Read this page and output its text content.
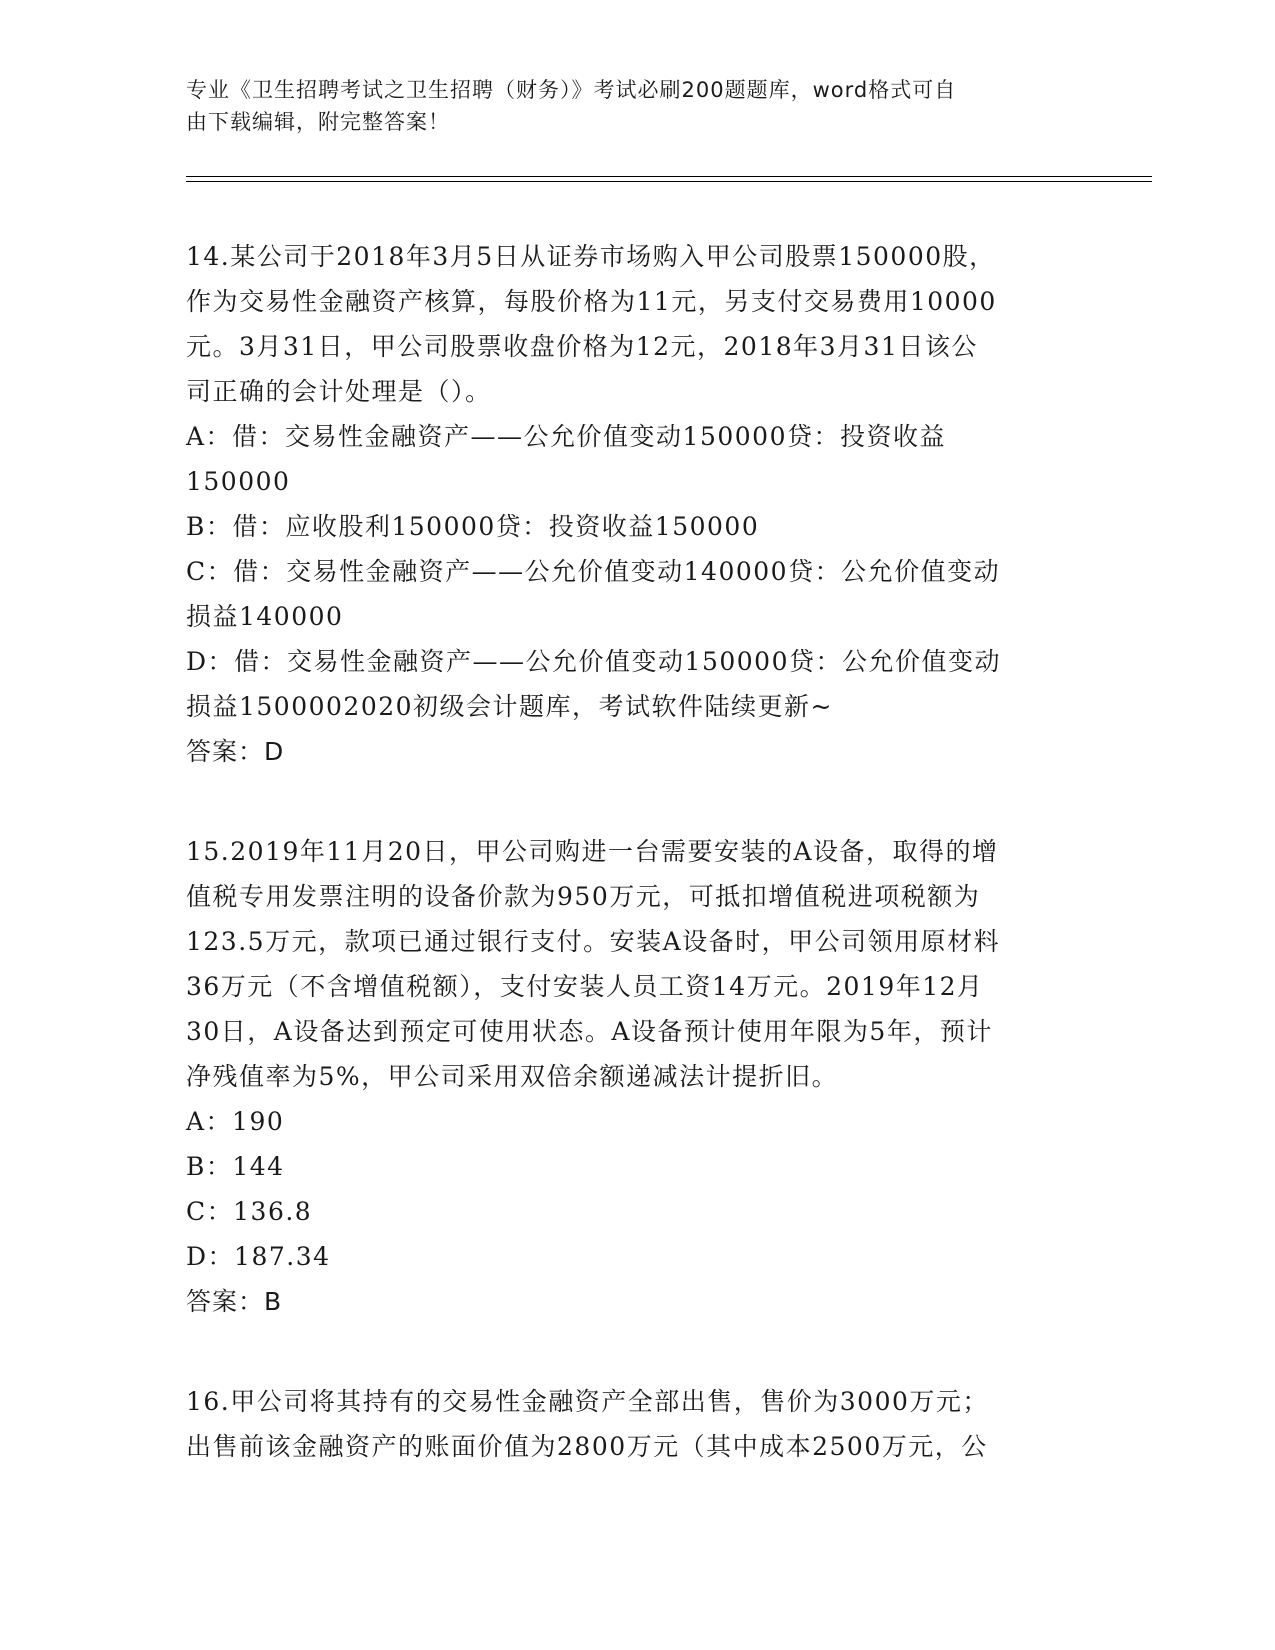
专业《卫生招聘考试之卫生招聘（财务）》考试必刷200题题库，word格式可自
由下载编辑，附完整答案！
14.某公司于2018年3月5日从证券市场购入甲公司股票150000股，
作为交易性金融资产核算，每股价格为11元，另支付交易费用10000
元。3月31日，甲公司股票收盘价格为12元，2018年3月31日该公
司正确的会计处理是（）。
A：借：交易性金融资产——公允价值变动150000贷：投资收益
150000
B：借：应收股利150000贷：投资收益150000
C：借：交易性金融资产——公允价值变动140000贷：公允价值变动
损益140000
D：借：交易性金融资产——公允价值变动150000贷：公允价值变动
损益1500002020初级会计题库，考试软件陆续更新~
答案：D
15.2019年11月20日，甲公司购进一台需要安装的A设备，取得的增
值税专用发票注明的设备价款为950万元，可抵扣增值税进项税额为
123.5万元，款项已通过银行支付。安装A设备时，甲公司领用原材料
36万元（不含增值税额），支付安装人员工资14万元。2019年12月
30日，A设备达到预定可使用状态。A设备预计使用年限为5年，预计
净残值率为5%，甲公司采用双倍余额递减法计提折旧。
A：190
B：144
C：136.8
D：187.34
答案：B
16.甲公司将其持有的交易性金融资产全部出售，售价为3000万元；
出售前该金融资产的账面价值为2800万元（其中成本2500万元，公
